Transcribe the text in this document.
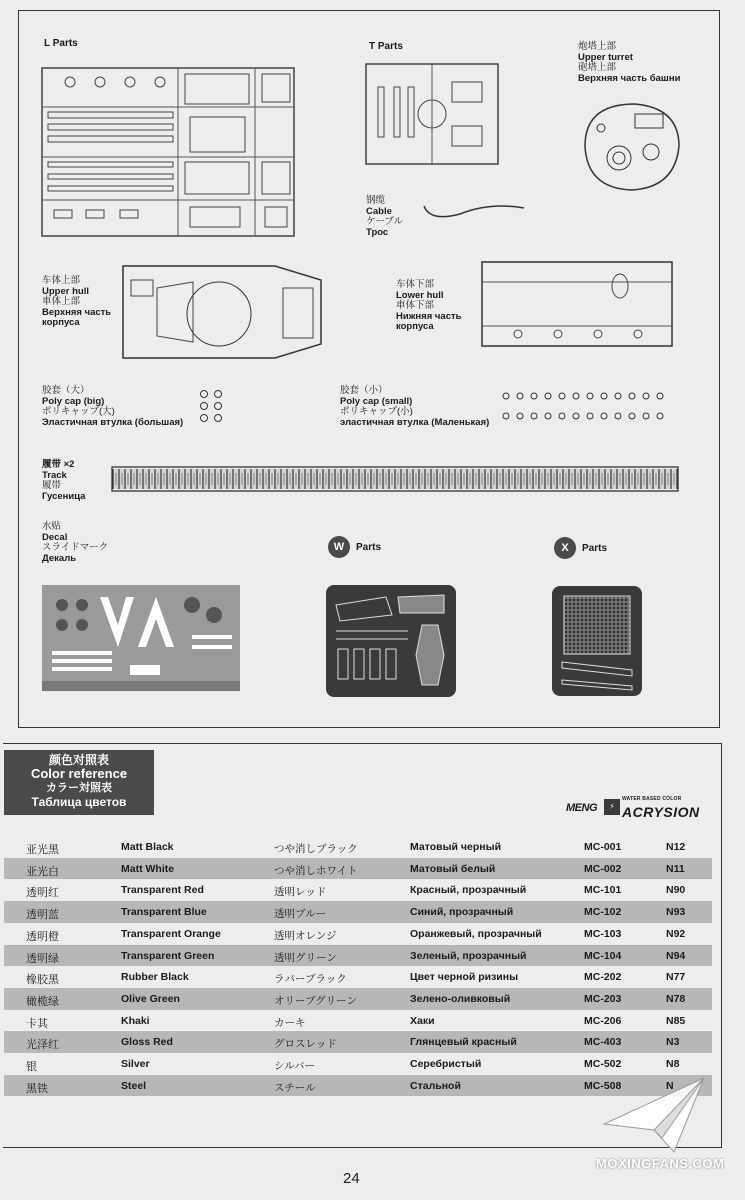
L Parts	T Parts	炮塔上部
Upper turret
砲塔上部
Верхняя часть башни
钢缆
Cable
ケーブル
Трос
车体上部
Upper hull
車体上部
Верхняя часть
корпуса
车体下部
Lower hull
車体下部
Нижняя часть
корпуса
胶套（大）
Poly cap (big)
ポリキャップ(大)
Эластичная втулка (большая)
胶套（小）
Poly cap (small)
ポリキャップ(小)
эластичная втулка (Маленькая)
履带 ×2
Track
履帯
Гусеница
水贴
Decal
スライドマーク
Декаль
W	Parts	X	Parts
颜色对照表
Color reference
カラー対照表
Таблица цветов	MENG	⚡
WATER BASED COLOR
ACRYSION
亚光黑	Matt Black	つや消しブラック	Матовый черный	MC-001	N12
亚光白	Matt White	つや消しホワイト	Матовый белый	MC-002	N11
透明红	Transparent Red	透明レッド	Красный, прозрачный	MC-101	N90
透明蓝	Transparent Blue	透明ブルー	Синий, прозрачный	MC-102	N93
透明橙	Transparent Orange	透明オレンジ	Оранжевый, прозрачный	MC-103	N92
透明绿	Transparent Green	透明グリーン	Зеленый, прозрачный	MC-104	N94
橡胶黑	Rubber Black	ラバーブラック	Цвет черной ризины	MC-202	N77
橄榄绿	Olive Green	オリーブグリーン	Зелено-оливковый	MC-203	N78
卡其	Khaki	カーキ	Хаки	MC-206	N85
光泽红	Gloss Red	グロスレッド	Глянцевый красный	MC-403	N3
银	Silver	シルバー	Серебристый	MC-502	N8
黑铁	Steel	スチール	Стальной	MC-508	N
24
MOXINGFANS.COM
